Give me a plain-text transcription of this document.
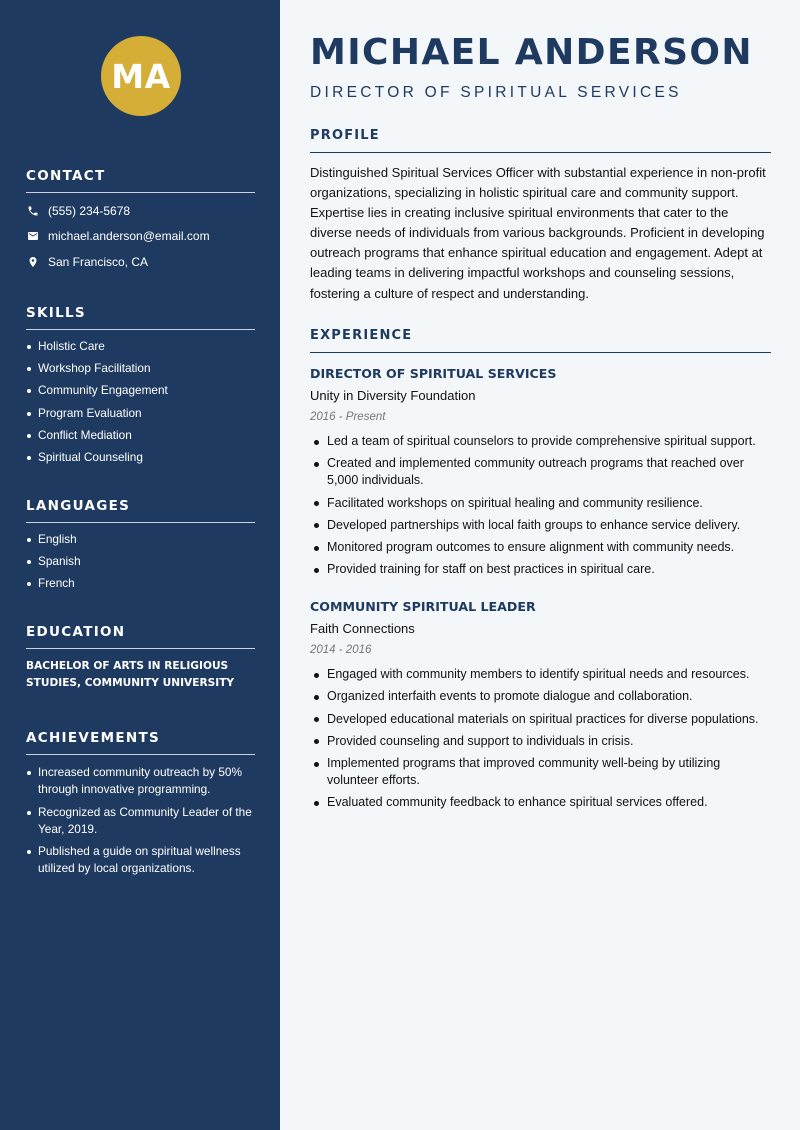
MA
CONTACT
(555) 234-5678
michael.anderson@email.com
San Francisco, CA
SKILLS
Holistic Care
Workshop Facilitation
Community Engagement
Program Evaluation
Conflict Mediation
Spiritual Counseling
LANGUAGES
English
Spanish
French
EDUCATION
BACHELOR OF ARTS IN RELIGIOUS STUDIES, COMMUNITY UNIVERSITY
ACHIEVEMENTS
Increased community outreach by 50% through innovative programming.
Recognized as Community Leader of the Year, 2019.
Published a guide on spiritual wellness utilized by local organizations.
MICHAEL ANDERSON
DIRECTOR OF SPIRITUAL SERVICES
PROFILE

Distinguished Spiritual Services Officer with substantial experience in non-profit organizations, specializing in holistic spiritual care and community support. Expertise lies in creating inclusive spiritual environments that cater to the diverse needs of individuals from various backgrounds. Proficient in developing outreach programs that enhance spiritual education and engagement. Adept at leading teams in delivering impactful workshops and counseling sessions, fostering a culture of respect and understanding.

EXPERIENCE
DIRECTOR OF SPIRITUAL SERVICES
Unity in Diversity Foundation
2016 - Present
Led a team of spiritual counselors to provide comprehensive spiritual support.
Created and implemented community outreach programs that reached over 5,000 individuals.
Facilitated workshops on spiritual healing and community resilience.
Developed partnerships with local faith groups to enhance service delivery.
Monitored program outcomes to ensure alignment with community needs.
Provided training for staff on best practices in spiritual care.
COMMUNITY SPIRITUAL LEADER
Faith Connections
2014 - 2016
Engaged with community members to identify spiritual needs and resources.
Organized interfaith events to promote dialogue and collaboration.
Developed educational materials on spiritual practices for diverse populations.
Provided counseling and support to individuals in crisis.
Implemented programs that improved community well-being by utilizing volunteer efforts.
Evaluated community feedback to enhance spiritual services offered.
